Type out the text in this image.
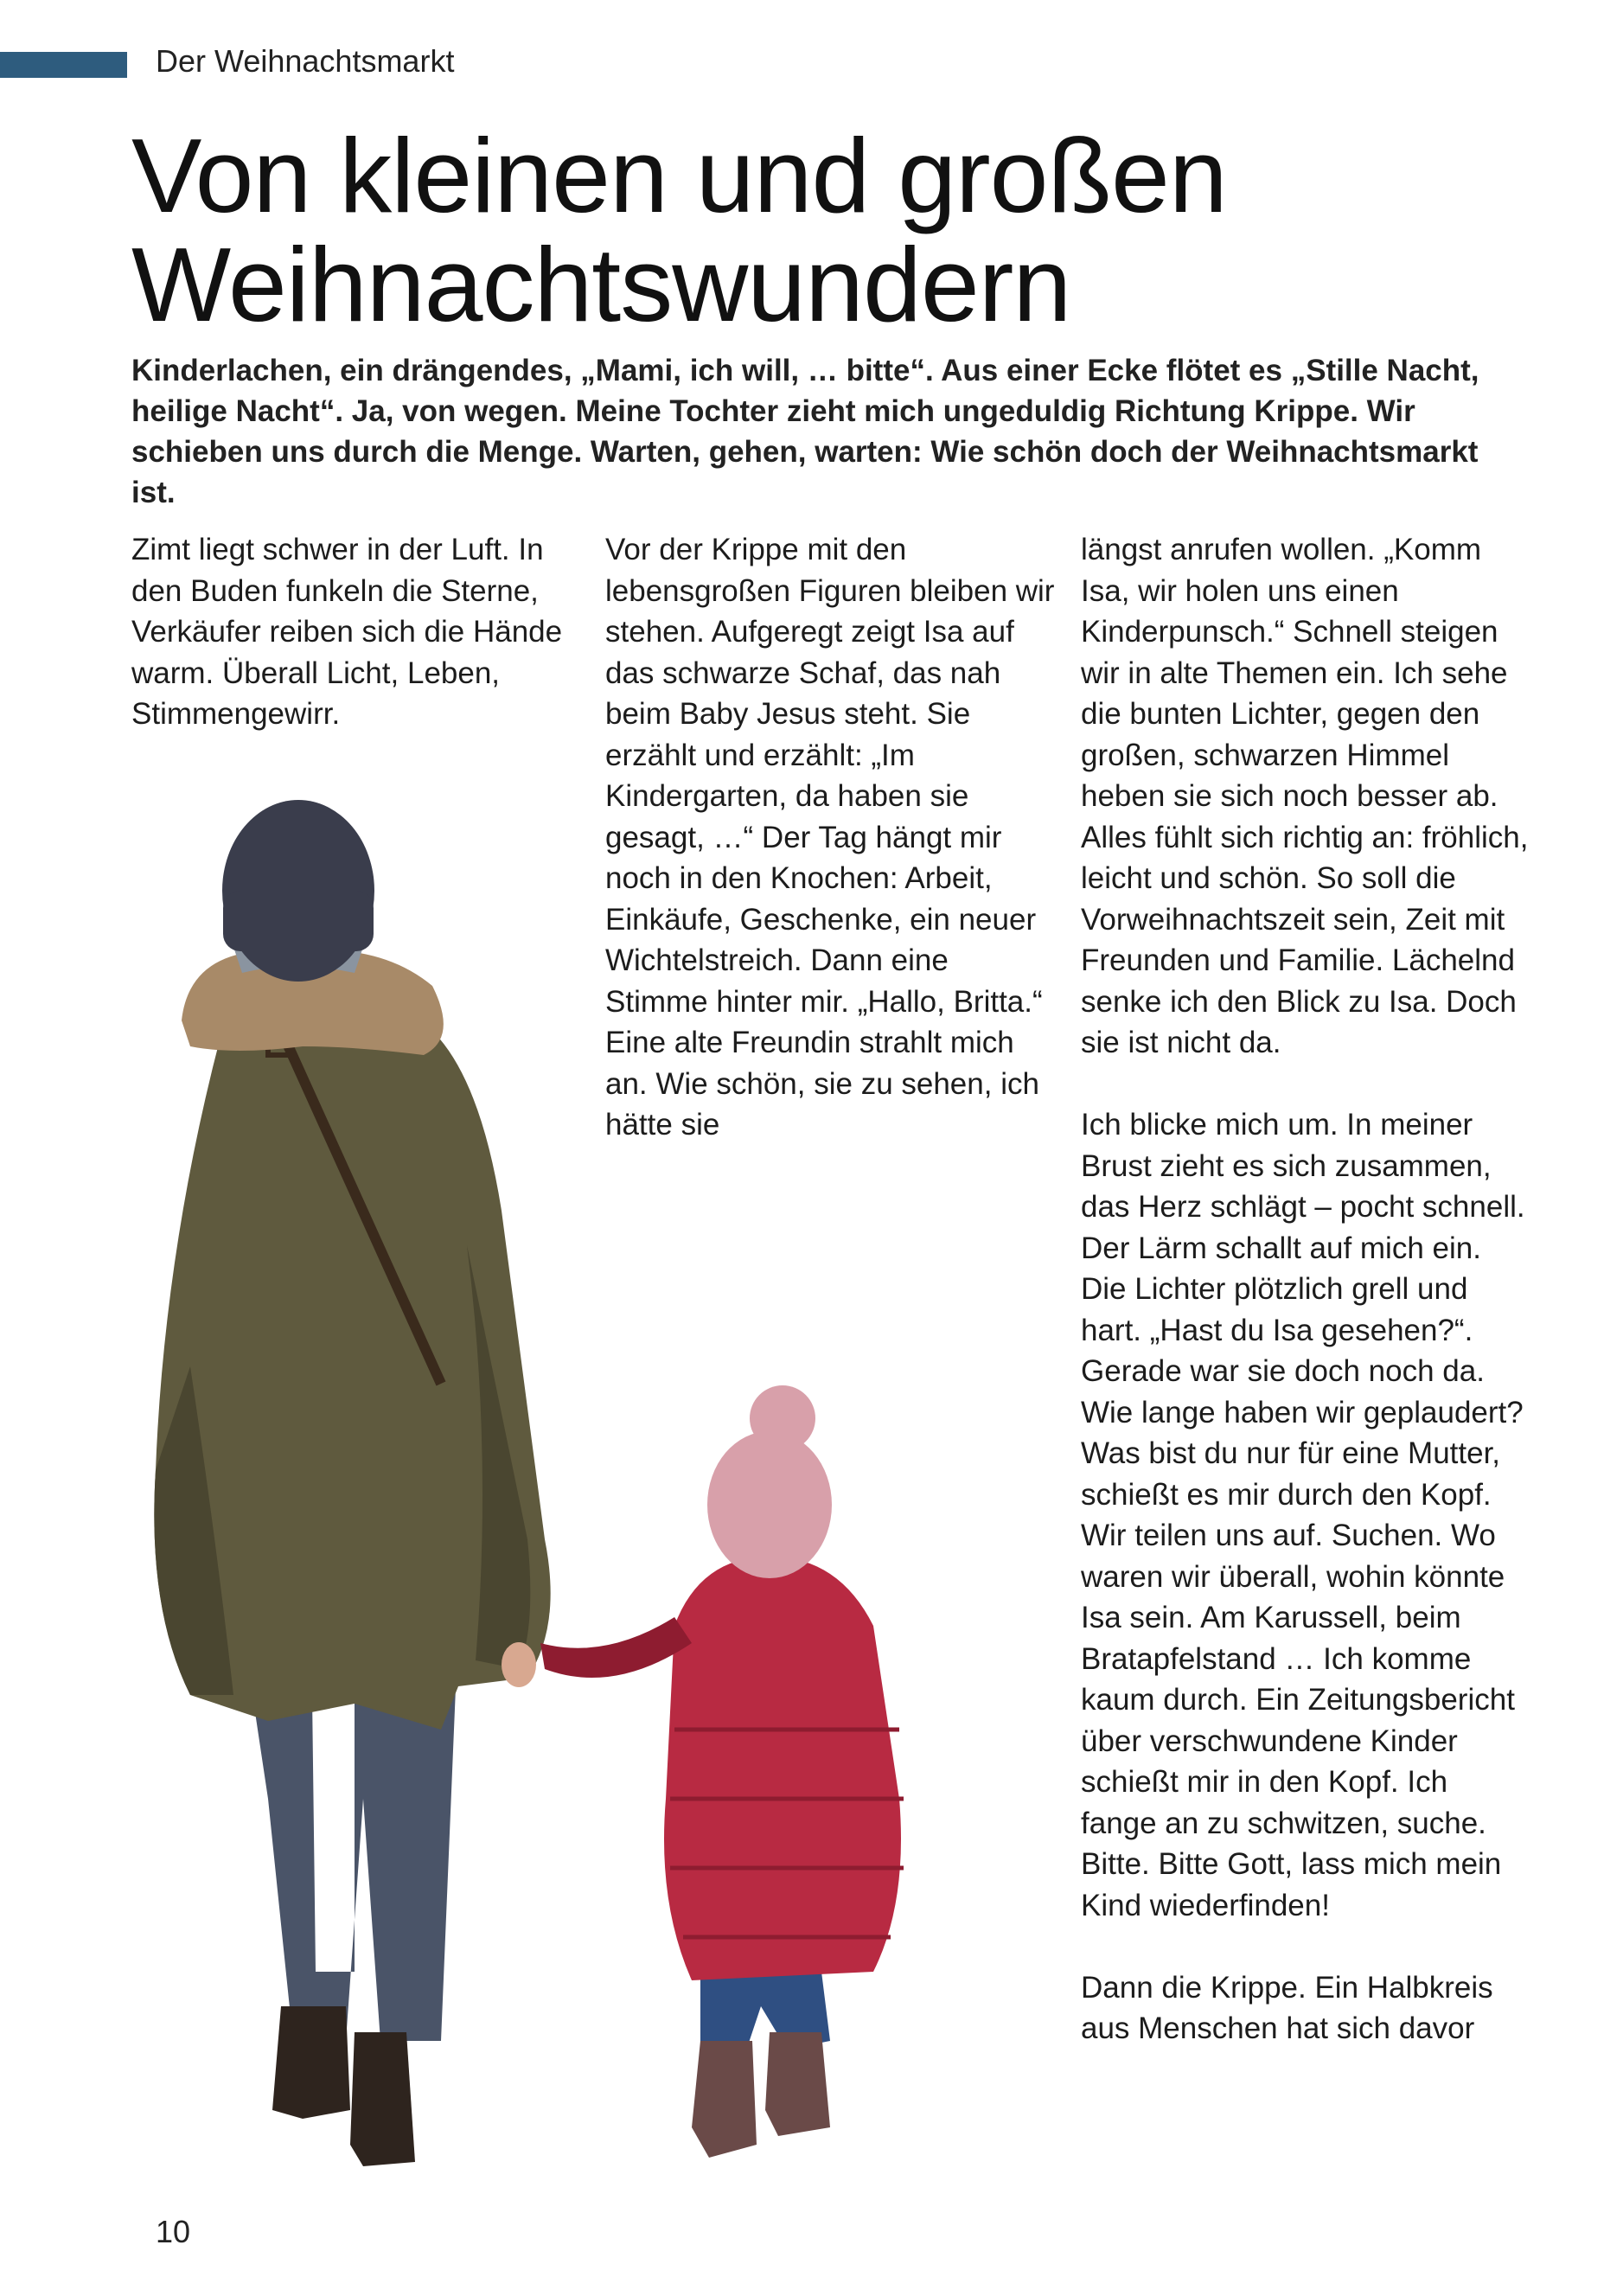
Der Weihnachtsmarkt
Von kleinen und großen
Weihnachtswundern

Kinderlachen, ein drängendes, „Mami, ich will, … bitte“. Aus einer Ecke flötet es „Stille Nacht, heilige Nacht“. Ja, von wegen. Meine Tochter zieht mich ungeduldig Richtung Krippe. Wir schieben uns durch die Menge. Warten, gehen, warten: Wie schön doch der Weihnachtsmarkt ist.

Zimt liegt schwer in der Luft. In den Buden funkeln die Sterne, Verkäufer reiben sich die Hände warm. Überall Licht, Leben, Stimmengewirr.

Vor der Krippe mit den lebensgroßen Figuren bleiben wir stehen. Aufgeregt zeigt Isa auf das schwarze Schaf, das nah beim Baby Jesus steht. Sie erzählt und erzählt: „Im Kindergarten, da haben sie gesagt, …“ Der Tag hängt mir noch in den Knochen: Arbeit, Einkäufe, Geschenke, ein neuer Wichtelstreich. Dann eine Stimme hinter mir. „Hallo, Britta.“ Eine alte Freundin strahlt mich an. Wie schön, sie zu sehen, ich hätte sie

längst anrufen wollen. „Komm Isa, wir holen uns einen Kinderpunsch.“ Schnell steigen wir in alte Themen ein. Ich sehe die bunten Lichter, gegen den großen, schwarzen Himmel heben sie sich noch besser ab. Alles fühlt sich richtig an: fröhlich, leicht und schön. So soll die Vorweihnachtszeit sein, Zeit mit Freunden und Familie. Lächelnd senke ich den Blick zu Isa. Doch sie ist nicht da.

Ich blicke mich um. In meiner Brust zieht es sich zusammen, das Herz schlägt – pocht schnell. Der Lärm schallt auf mich ein. Die Lichter plötzlich grell und hart. „Hast du Isa gesehen?“. Gerade war sie doch noch da. Wie lange haben wir geplaudert? Was bist du nur für eine Mutter, schießt es mir durch den Kopf. Wir teilen uns auf. Suchen. Wo waren wir überall, wohin könnte Isa sein. Am Karussell, beim Bratapfelstand … Ich komme kaum durch. Ein Zeitungsbericht über verschwundene Kinder schießt mir in den Kopf. Ich fange an zu schwitzen, suche. Bitte. Bitte Gott, lass mich mein Kind wiederfinden!

Dann die Krippe. Ein Halbkreis aus Menschen hat sich davor

10
